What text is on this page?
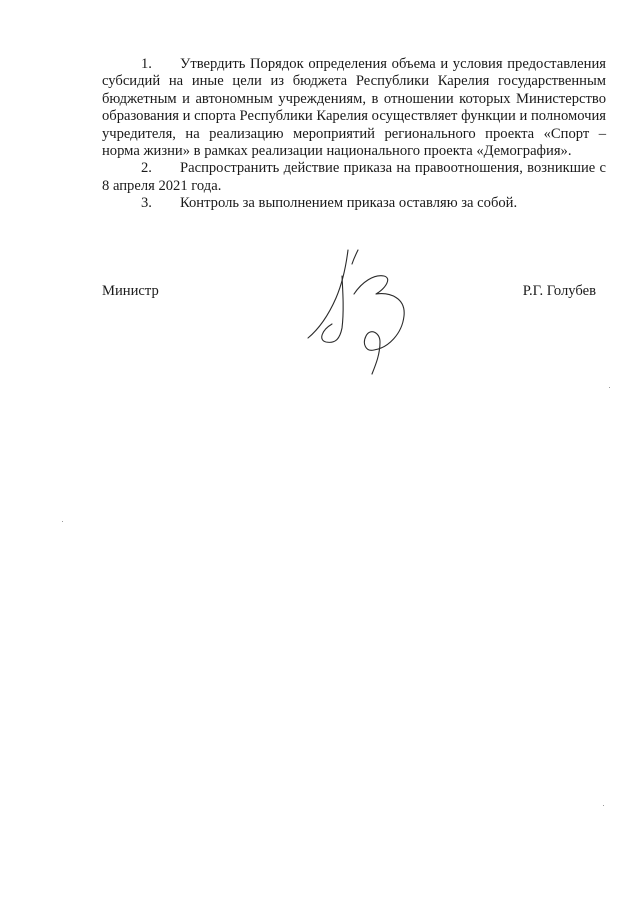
1. Утвердить Порядок определения объема и условия предоставления субсидий на иные цели из бюджета Республики Карелия государственным бюджетным и автономным учреждениям, в отношении которых Министерство образования и спорта Республики Карелия осуществляет функции и полномочия учредителя, на реализацию мероприятий регионального проекта «Спорт – норма жизни» в рамках реализации национального проекта «Демография».

2. Распространить действие приказа на правоотношения, возникшие с 8 апреля 2021 года.

3. Контроль за выполнением приказа оставляю за собой.

Министр	Р.Г. Голубев
